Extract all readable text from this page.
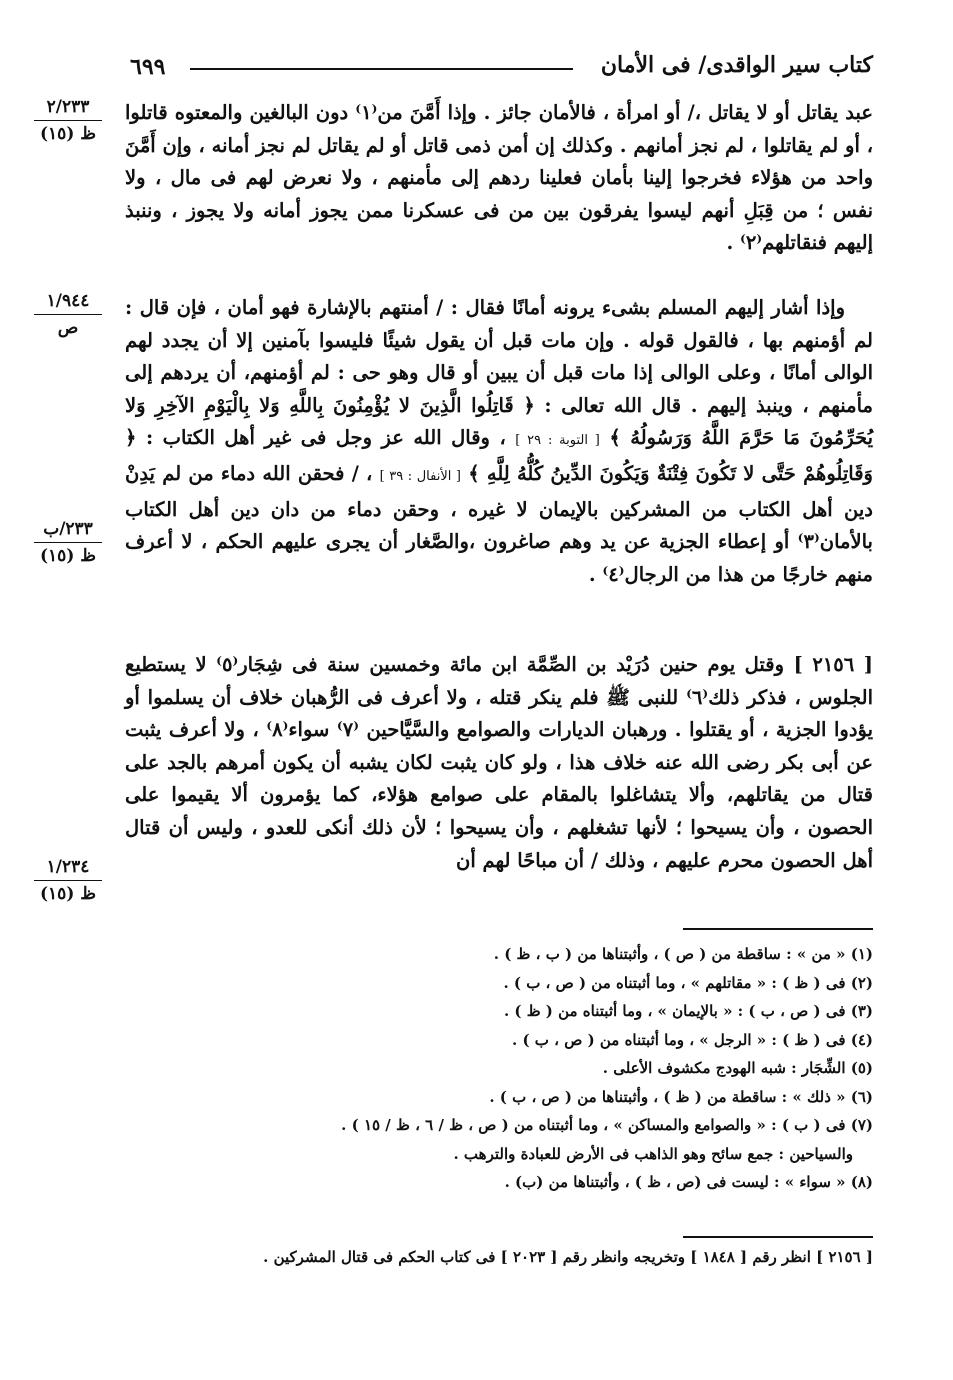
كتاب سير الواقدى/ فى الأمان
٦٩٩
٢/٢٣٣
ظ (١٥)
١/٩٤٤
ص
٢٣٣/ب
ظ (١٥)
١/٢٣٤
ظ (١٥)

عبد يقاتل أو لا يقاتل ،/ أو امرأة ، فالأمان جائز . وإذا أَمَّنَ من⁽١⁾ دون البالغين والمعتوه قاتلوا ، أو لم يقاتلوا ، لم نجز أمانهم . وكذلك إن أمن ذمى قاتل أو لم يقاتل لم نجز أمانه ، وإن أَمَّنَ واحد من هؤلاء فخرجوا إلينا بأمان فعلينا ردهم إلى مأمنهم ، ولا نعرض لهم فى مال ، ولا نفس ؛ من قِبَلِ أنهم ليسوا يفرقون بين من فى عسكرنا ممن يجوز أمانه ولا يجوز ، وننبذ إليهم فنقاتلهم⁽٢⁾ .

وإذا أشار إليهم المسلم بشىء يرونه أمانًا فقال : / أمنتهم بالإشارة فهو أمان ، فإن قال : لم أؤمنهم بها ، فالقول قوله . وإن مات قبل أن يقول شيئًا فليسوا بآمنين إلا أن يجدد لهم الوالى أمانًا ، وعلى الوالى إذا مات قبل أن يبين أو قال وهو حى : لم أؤمنهم، أن يردهم إلى مأمنهم ، وينبذ إليهم . قال الله تعالى : ﴿ قَاتِلُوا الَّذِينَ لا يُؤْمِنُونَ بِاللَّهِ وَلا بِالْيَوْمِ الآخِرِ وَلا يُحَرِّمُونَ مَا حَرَّمَ اللَّهُ وَرَسُولُهُ ﴾ [ التوبة : ٢٩ ] ، وقال الله عز وجل فى غير أهل الكتاب : ﴿ وَقَاتِلُوهُمْ حَتَّى لا تَكُونَ فِتْنَةٌ وَيَكُونَ الدِّينُ كُلُّهُ لِلَّهِ ﴾ [ الأنفال : ٣٩ ] ، / فحقن الله دماء من لم يَدِنْ دين أهل الكتاب من المشركين بالإيمان لا غيره ، وحقن دماء من دان دين أهل الكتاب بالأمان⁽٣⁾ أو إعطاء الجزية عن يد وهم صاغرون ،والصَّغار أن يجرى عليهم الحكم ، لا أعرف منهم خارجًا من هذا من الرجال⁽٤⁾ .

[ ٢١٥٦ ] وقتل يوم حنين دُرَيْد بن الصِّمَّة ابن مائة وخمسين سنة فى شِجَار⁽٥⁾ لا يستطيع الجلوس ، فذكر ذلك⁽٦⁾ للنبى ﷺ فلم ينكر قتله ، ولا أعرف فى الرُّهبان خلاف أن يسلموا أو يؤدوا الجزية ، أو يقتلوا . ورهبان الديارات والصوامع والسَّيَّاحين ⁽٧⁾ سواء⁽٨⁾ ، ولا أعرف يثبت عن أبى بكر رضى الله عنه خلاف هذا ، ولو كان يثبت لكان يشبه أن يكون أمرهم بالجد على قتال من يقاتلهم، وألا يتشاغلوا بالمقام على صوامع هؤلاء، كما يؤمرون ألا يقيموا على الحصون ، وأن يسيحوا ؛ لأنها تشغلهم ، وأن يسيحوا ؛ لأن ذلك أنكى للعدو ، وليس أن قتال أهل الحصون محرم عليهم ، وذلك / أن مباحًا لهم أن

(١) « من » : ساقطة من ( ص ) ، وأثبتناها من ( ب ، ظ ) .

(٢) فى ( ظ ) : « مقاتلهم » ، وما أثبتناه من ( ص ، ب ) .

(٣) فى ( ص ، ب ) : « بالإيمان » ، وما أثبتناه من ( ظ ) .

(٤) فى ( ظ ) : « الرجل » ، وما أثبتناه من ( ص ، ب ) .

(٥) الشِّجَار : شبه الهودج مكشوف الأعلى .

(٦) « ذلك » : ساقطة من ( ظ ) ، وأثبتناها من ( ص ، ب ) .

(٧) فى ( ب ) : « والصوامع والمساكن » ، وما أثبتناه من ( ص ، ظ / ٦ ، ظ / ١٥ ) .

والسياحين : جمع سائح وهو الذاهب فى الأرض للعبادة والترهب .

(٨) « سواء » : ليست فى (ص ، ظ ) ، وأثبتناها من (ب) .

[ ٢١٥٦ ] انظر رقم [ ١٨٤٨ ] وتخريجه وانظر رقم [ ٢٠٢٣ ] فى كتاب الحكم فى قتال المشركين .
